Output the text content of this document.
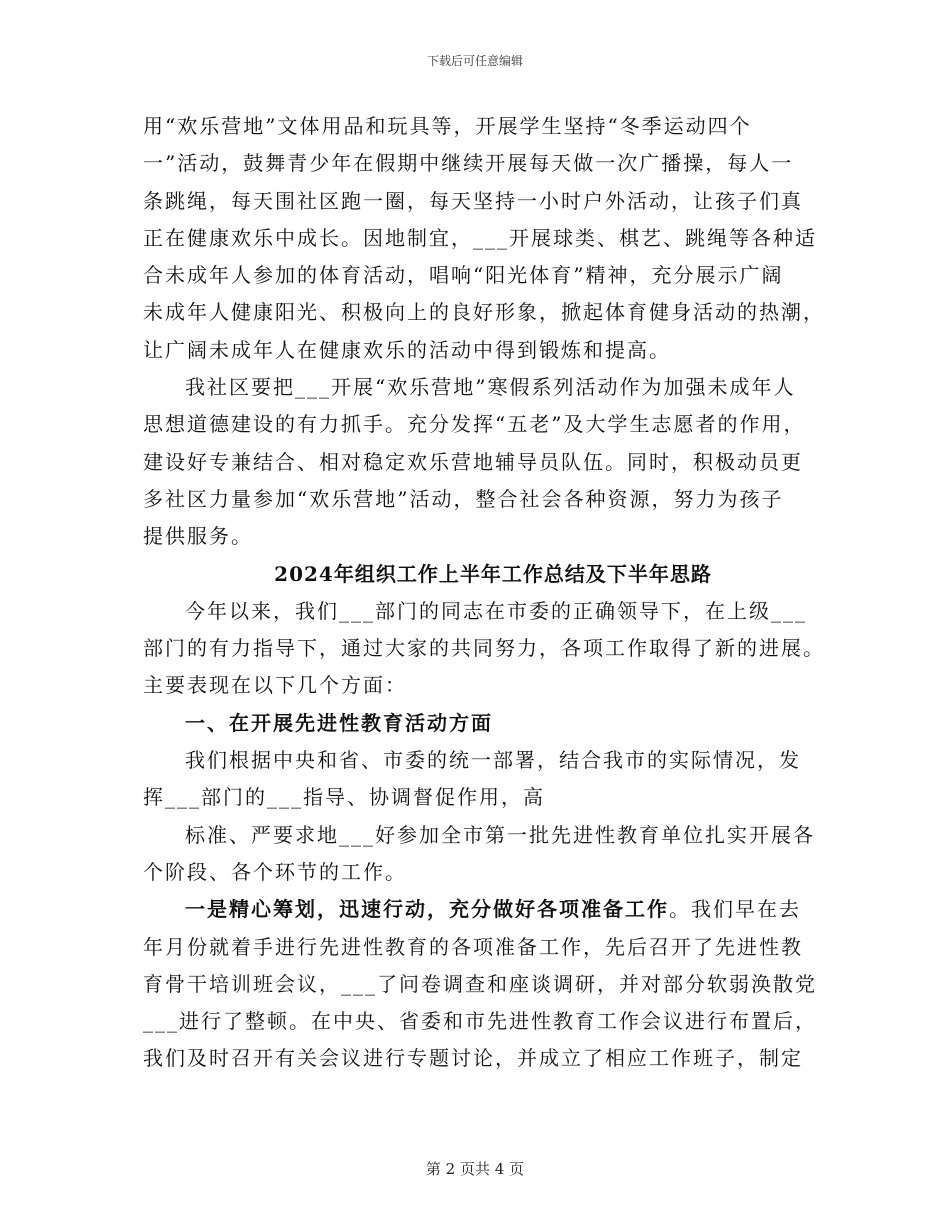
下载后可任意编辑
用“欢乐营地”文体用品和玩具等，开展学生坚持“冬季运动四个
一”活动，鼓舞青少年在假期中继续开展每天做一次广播操，每人一
条跳绳，每天围社区跑一圈，每天坚持一小时户外活动，让孩子们真
正在健康欢乐中成长。因地制宜，___开展球类、棋艺、跳绳等各种适
合未成年人参加的体育活动，唱响“阳光体育”精神，充分展示广阔
未成年人健康阳光、积极向上的良好形象，掀起体育健身活动的热潮，
让广阔未成年人在健康欢乐的活动中得到锻炼和提高。
我社区要把___开展“欢乐营地”寒假系列活动作为加强未成年人
思想道德建设的有力抓手。充分发挥“五老”及大学生志愿者的作用，
建设好专兼结合、相对稳定欢乐营地辅导员队伍。同时，积极动员更
多社区力量参加“欢乐营地”活动，整合社会各种资源，努力为孩子
提供服务。
2024年组织工作上半年工作总结及下半年思路
今年以来，我们___部门的同志在市委的正确领导下，在上级___
部门的有力指导下，通过大家的共同努力，各项工作取得了新的进展。
主要表现在以下几个方面：
一、在开展先进性教育活动方面
我们根据中央和省、市委的统一部署，结合我市的实际情况，发
挥___部门的___指导、协调督促作用，高
标准、严要求地___好参加全市第一批先进性教育单位扎实开展各
个阶段、各个环节的工作。
一是精心筹划，迅速行动，充分做好各项准备工作。我们早在去
年月份就着手进行先进性教育的各项准备工作，先后召开了先进性教
育骨干培训班会议，___了问卷调查和座谈调研，并对部分软弱涣散党
___进行了整顿。在中央、省委和市先进性教育工作会议进行布置后，
我们及时召开有关会议进行专题讨论，并成立了相应工作班子，制定
第 2 页共 4 页
